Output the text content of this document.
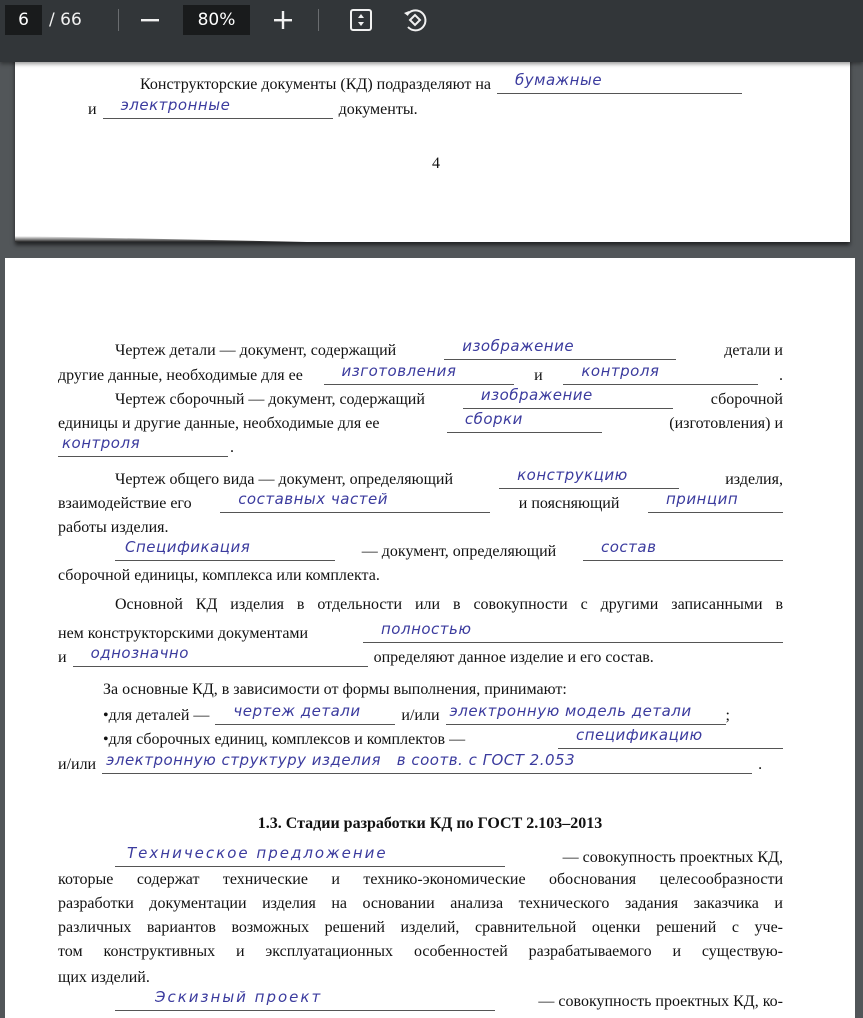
6	/ 66	80%
Конструкторские документы (КД) подразделяют на	бумажные
и	электронные	документы.
4
Чертеж детали — документ, содержащий	изображение	детали и
другие данные, необходимые для ее	изготовления	и	контроля	.
Чертеж сборочный — документ, содержащий	изображение	сборочной
единицы и другие данные, необходимые для ее	сборки	(изготовления) и
контроля	.
Чертеж общего вида — документ, определяющий	конструкцию	изделия,
взаимодействие его	составных частей	и поясняющий	принцип
работы изделия.
Спецификация	— документ, определяющий	состав
сборочной единицы, комплекса или комплекта.
Основной КД изделия в отдельности или в совокупности с другими записанными в
нем конструкторскими документами	полностью
и	однозначно	определяют данное изделие и его состав.
За основные КД, в зависимости от формы выполнения, принимают:
•для деталей —	чертеж детали	и/или электронную модель детали	;
•для сборочных единиц, комплексов и комплектов —	спецификацию
и/или электронную структуру изделия   в соотв. с ГОСТ 2.053	.
1.3. Стадии разработки КД по ГОСТ 2.103–2013
Техническое предложение	— совокупность проектных КД,
которые содержат технические и технико-экономические обоснования целесообразности
разработки документации изделия на основании анализа технического задания заказчика и
различных вариантов возможных решений изделий, сравнительной оценки решений с уче-
том конструктивных и эксплуатационных особенностей разрабатываемого и существую-
щих изделий.
Эскизный проект	— совокупность проектных КД, ко-
